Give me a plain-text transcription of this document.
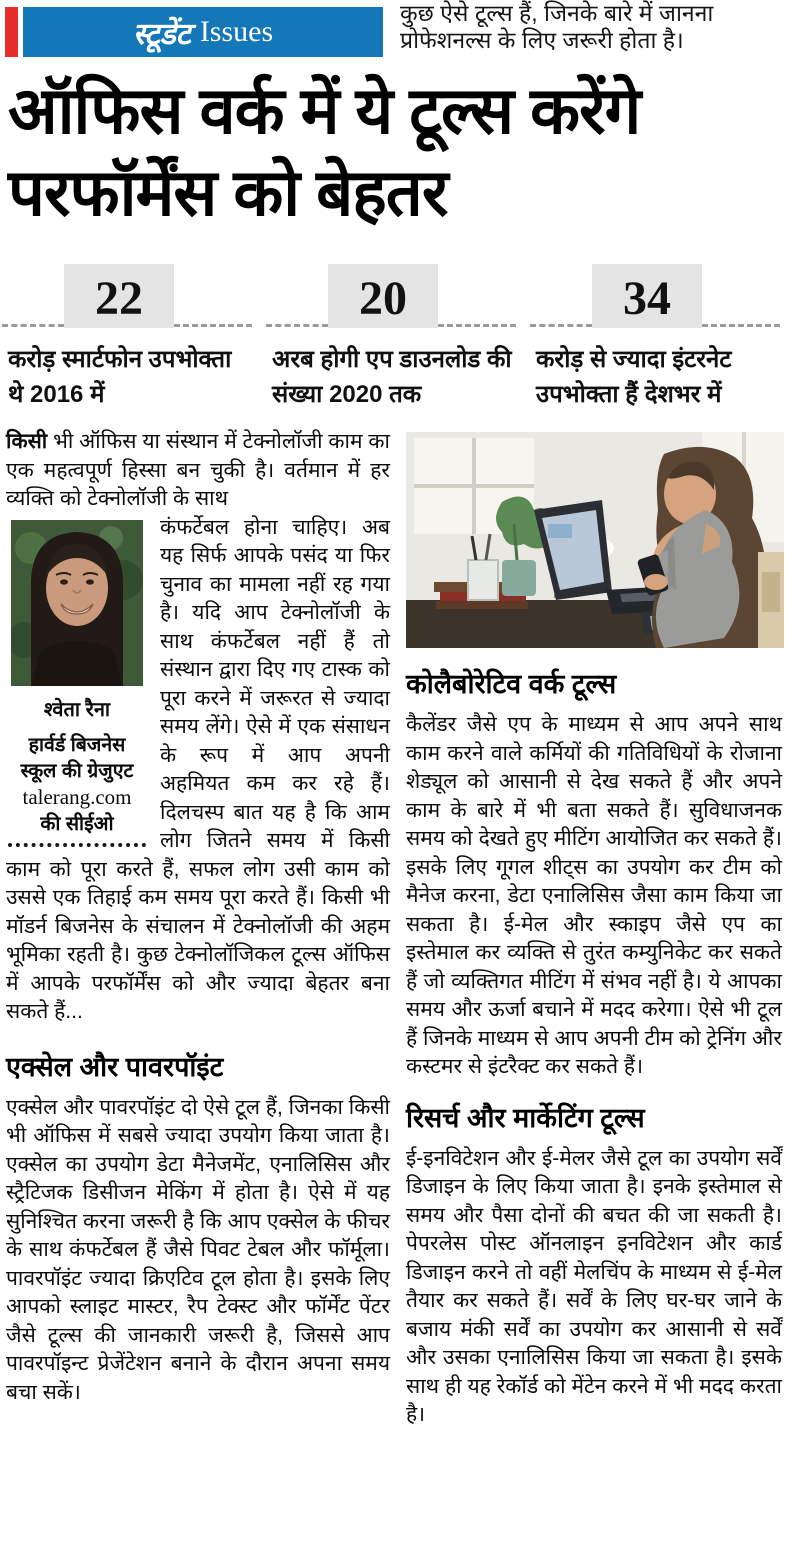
स्टूडेंट Issues
कुछ ऐसे टूल्स हैं, जिनके बारे में जानना प्रोफेशनल्स के लिए जरूरी होता है।
ऑफिस वर्क में ये टूल्स करेंगे परफॉर्मेंस को बेहतर
22
करोड़ स्मार्टफोन उपभोक्ता थे 2016 में
20
अरब होगी एप डाउनलोड की संख्या 2020 तक
34
करोड़ से ज्यादा इंटरनेट उपभोक्ता हैं देशभर में

किसी भी ऑफिस या संस्थान में टेक्नोलॉजी काम का एक महत्वपूर्ण हिस्सा बन चुकी है। वर्तमान में हर व्यक्ति को टेक्नोलॉजी के साथ

श्वेता रैना
हार्वर्ड बिजनेस
स्कूल की ग्रेजुएट
talerang.com
की सीईओ

कंफर्टेबल होना चाहिए। अब यह सिर्फ आपके पसंद या फिर चुनाव का मामला नहीं रह गया है। यदि आप टेक्नोलॉजी के साथ कंफर्टेबल नहीं हैं तो संस्थान द्वारा दिए गए टास्क को पूरा करने में जरूरत से ज्यादा समय लेंगे। ऐसे में एक संसाधन के रूप में आप अपनी अहमियत कम कर रहे हैं। दिलचस्प बात यह है कि आम लोग जितने समय में किसी काम को पूरा करते हैं, सफल लोग उसी काम को उससे एक तिहाई कम समय पूरा करते हैं। किसी भी मॉडर्न बिजनेस के संचालन में टेक्नोलॉजी की अहम भूमिका रहती है। कुछ टेक्नोलॉजिकल टूल्स ऑफिस में आपके परफॉर्मेंस को और ज्यादा बेहतर बना सकते हैं...

एक्सेल और पावरपॉइंट

एक्सेल और पावरपॉइंट दो ऐसे टूल हैं, जिनका किसी भी ऑफिस में सबसे ज्यादा उपयोग किया जाता है। एक्सेल का उपयोग डेटा मैनेजमेंट, एनालिसिस और स्ट्रैटिजक डिसीजन मेकिंग में होता है। ऐसे में यह सुनिश्चित करना जरूरी है कि आप एक्सेल के फीचर के साथ कंफर्टेबल हैं जैसे पिवट टेबल और फॉर्मूला। पावरपॉइंट ज्यादा क्रिएटिव टूल होता है। इसके लिए आपको स्लाइट मास्टर, रैप टेक्स्ट और फॉर्मेंट पेंटर जैसे टूल्स की जानकारी जरूरी है, जिससे आप पावरपॉइन्ट प्रेजेंटेशन बनाने के दौरान अपना समय बचा सकें।

कोलैबोरेटिव वर्क टूल्स

कैलेंडर जैसे एप के माध्यम से आप अपने साथ काम करने वाले कर्मियों की गतिविधियों के रोजाना शेड्यूल को आसानी से देख सकते हैं और अपने काम के बारे में भी बता सकते हैं। सुविधाजनक समय को देखते हुए मीटिंग आयोजित कर सकते हैं। इसके लिए गूगल शीट्स का उपयोग कर टीम को मैनेज करना, डेटा एनालिसिस जैसा काम किया जा सकता है। ई-मेल और स्काइप जैसे एप का इस्तेमाल कर व्यक्ति से तुरंत कम्युनिकेट कर सकते हैं जो व्यक्तिगत मीटिंग में संभव नहीं है। ये आपका समय और ऊर्जा बचाने में मदद करेगा। ऐसे भी टूल हैं जिनके माध्यम से आप अपनी टीम को ट्रेनिंग और कस्टमर से इंटरैक्ट कर सकते हैं।

रिसर्च और मार्केटिंग टूल्स

ई-इनविटेशन और ई-मेलर जैसे टूल का उपयोग सर्वें डिजाइन के लिए किया जाता है। इनके इस्तेमाल से समय और पैसा दोनों की बचत की जा सकती है। पेपरलेस पोस्ट ऑनलाइन इनविटेशन और कार्ड डिजाइन करने तो वहीं मेलचिंप के माध्यम से ई-मेल तैयार कर सकते हैं। सर्वें के लिए घर-घर जाने के बजाय मंकी सर्वें का उपयोग कर आसानी से सर्वें और उसका एनालिसिस किया जा सकता है। इसके साथ ही यह रेकॉर्ड को मेंटेन करने में भी मदद करता है।
